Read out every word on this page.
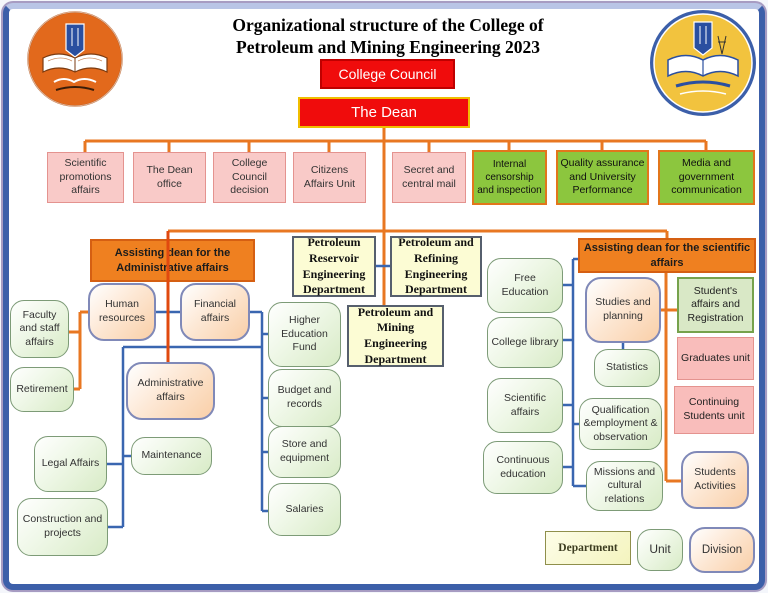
Organizational structure of the College of
Petroleum and Mining Engineering 2023
College Council
The Dean
Scientific promotions affairs
The Dean office
College Council decision
Citizens Affairs Unit
Secret and central mail
Internal censorship and inspection
Quality assurance and University Performance
Media and government communication
Assisting dean for the Administrative affairs
Petroleum Reservoir Engineering Department
Petroleum and Refining Engineering Department
Assisting dean for the scientific affairs
Petroleum and Mining Engineering Department
Faculty and staff affairs
Retirement
Human resources
Financial affairs
Administrative affairs
Legal Affairs
Construction and projects
Maintenance
Higher Education Fund
Budget and records
Store and equipment
Salaries
Free Education
College library
Scientific affairs
Continuous education
Studies and planning
Statistics
Qualification &employment & observation
Missions and cultural relations
Student's affairs and Registration
Graduates unit
Continuing Students unit
Students Activities
Department	Unit	Division
